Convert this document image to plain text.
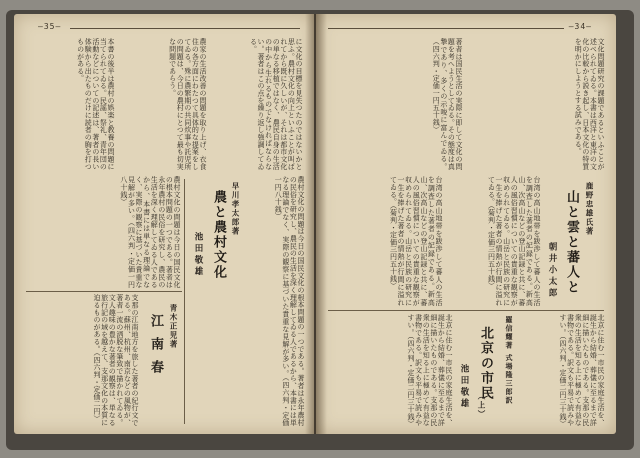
—35—
に文化の目標を見失つたのではないかと思ふ。農村文化の向上といふことが叫ばれてから既に久しいが、それは都市文化の単なる移植ではなく、農民自身の生活の中から生れるものでなければならない。著者はこの点を繰り返し強調してゐる。
農家の生活改善の問題を取り上げ、衣食住の各方面にわたつて具体的な提案をしてゐる。殊に農繁期の共同炊事や託児所の問題は、今日の農村にとつて最も切実な問題であらう。
本書の後半は農村の娯楽と教養の問題に当てられてゐる。民謡、祭礼、青年団の活動などについての記述は、著者の長い体験から出たものだけに読者の胸を打つものがある。
早川孝太郎著
農と農村文化
池田敬雄	農村文化の問題は今日の国民文化の根本問題の一つである。著者は永年農村の民俗を研究し、農民の生活を深く理解してゐる人であるから、本書には単なる理論でなく、実際の観察に基づいた貴重な見解が多い。（四六判・定価一円八十銭）
青木正児著
江南春
支那の江南地方を旅した著者の紀行文である。蘇州、杭州、南京などの風物が、著者一流の洒脱な筆致で描かれてゐる。文人趣味の豊かな著者の観察は、単なる旅行記の域を越えて、支那文化の本質に迫るものがある。（四六判・定価二円）
農村文化の問題は今日の国民文化の根本問題の一つである。著者は永年農村の民俗を研究し、農民の生活を深く理解してゐる人であるから、本書には単なる理論でなく、実際の観察に基づいた貴重な見解が多い。（四六判・定価一円八十銭）
—34—
文化問題研究の課題であるといふことが述べられてゐる。本書は西洋と東洋の文化の比較から説き起し、日本文化の特質を明かにしようとする試みである。
著者は国民生活の実際に即して文化の問題を考へようとしてゐる。その態度は真摯であり、多くの示唆に富んでゐる。（四六判・定価一円五十銭）
鹿野忠雄氏著
山と雲と蕃人と
朝井小太郎
台湾の高山地帯を跋渉して蕃人の生活を調査した著者の記録である。新高山、次高山などの登山記録と共に、蕃人の風俗習慣についての貴重な観察が収められてゐる。山岳と民族の研究に一生を捧げた著者の情熱が行間に溢れてゐる。（菊判・定価三円五十銭）
台湾の高山地帯を跋渉して蕃人の生活を調査した著者の記録である。新高山、次高山などの登山記録と共に、蕃人の風俗習慣についての貴重な観察が収められてゐる。山岳と民族の研究に一生を捧げた著者の情熱が行間に溢れてゐる。（菊判・定価三円五十銭）
羅信耀著 式場隆三郎訳
北京の市民
（上）
池田敬雄	北京に住む一市民の家庭生活を、誕生から結婚、葬儀に至るまで詳細に描いたものである。支那の民衆の生活を知る上に極めて有益な書物である。訳文も平易で読みやすい。（四六判・定価二円三十銭）
北京に住む一市民の家庭生活を、誕生から結婚、葬儀に至るまで詳細に描いたものである。支那の民衆の生活を知る上に極めて有益な書物である。訳文も平易で読みやすい。（四六判・定価二円三十銭）
